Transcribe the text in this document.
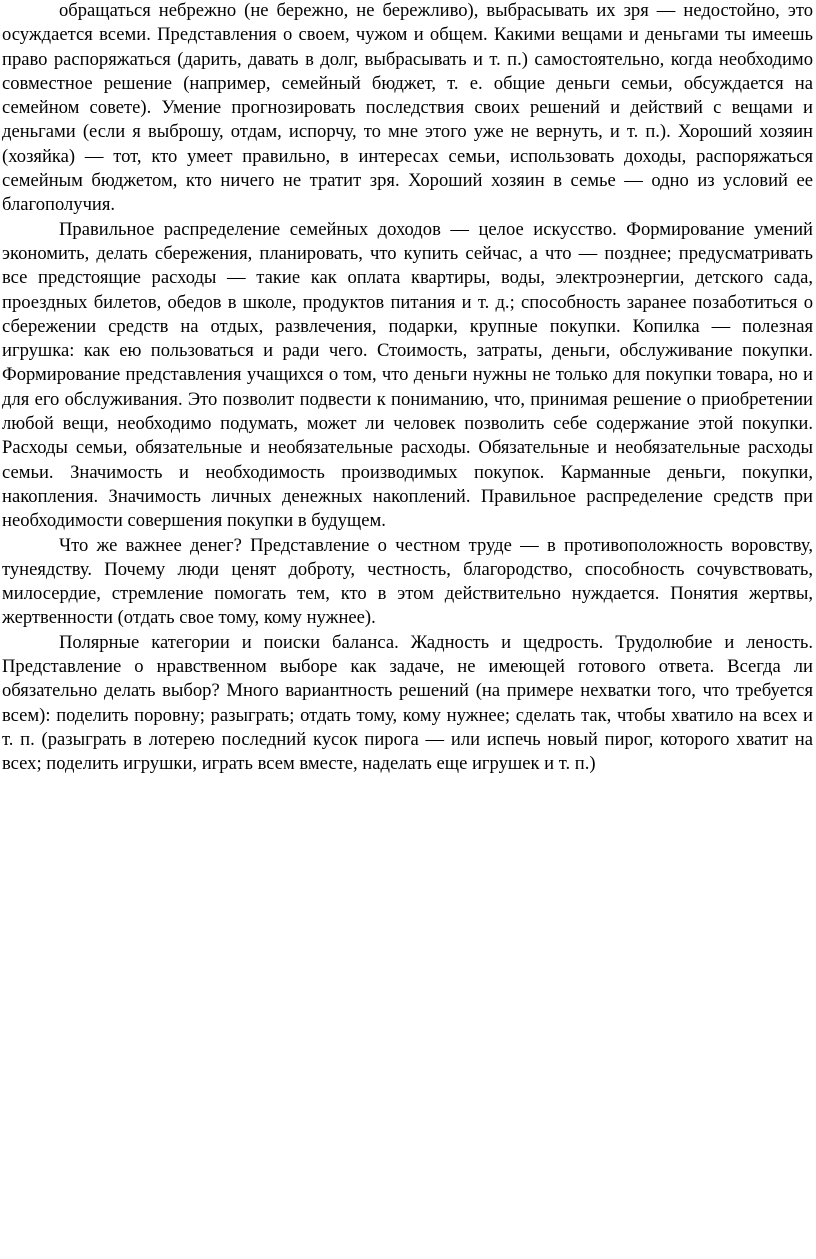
обращаться небрежно (не бережно, не бережливо), выбрасывать их зря — недостойно, это осуждается всеми. Представления о своем, чужом и общем. Какими вещами и деньгами ты имеешь право распоряжаться (дарить, давать в долг, выбрасывать и т. п.) самостоятельно, когда необходимо совместное решение (например, семейный бюджет, т. е. общие деньги семьи, обсуждается на семейном совете). Умение прогнозировать последствия своих решений и действий с вещами и деньгами (если я выброшу, отдам, испорчу, то мне этого уже не вернуть, и т. п.). Хороший хозяин (хозяйка) — тот, кто умеет правильно, в интересах семьи, использовать доходы, распоряжаться семейным бюджетом, кто ничего не тратит зря. Хороший хозяин в семье — одно из условий ее благополучия.

Правильное распределение семейных доходов — целое искусство. Формирование умений экономить, делать сбережения, планировать, что купить сейчас, а что — позднее; предусматривать все предстоящие расходы — такие как оплата квартиры, воды, электроэнергии, детского сада, проездных билетов, обедов в школе, продуктов питания и т. д.; способность заранее позаботиться о сбережении средств на отдых, развлечения, подарки, крупные покупки. Копилка — полезная игрушка: как ею пользоваться и ради чего. Стоимость, затраты, деньги, обслуживание покупки. Формирование представления учащихся о том, что деньги нужны не только для покупки товара, но и для его обслуживания. Это позволит подвести к пониманию, что, принимая решение о приобретении любой вещи, необходимо подумать, может ли человек позволить себе содержание этой покупки. Расходы семьи, обязательные и необязательные расходы. Обязательные и необязательные расходы семьи. Значимость и необходимость производимых покупок. Карманные деньги, покупки, накопления. Значимость личных денежных накоплений. Правильное распределение средств при необходимости совершения покупки в будущем.

Что же важнее денег? Представление о честном труде — в противоположность воровству, тунеядству. Почему люди ценят доброту, честность, благородство, способность сочувствовать, милосердие, стремление помогать тем, кто в этом действительно нуждается. Понятия жертвы, жертвенности (отдать свое тому, кому нужнее).

Полярные категории и поиски баланса. Жадность и щедрость. Трудолюбие и леность. Представление о нравственном выборе как задаче, не имеющей готового ответа. Всегда ли обязательно делать выбор? Много вариантность решений (на примере нехватки того, что требуется всем): поделить поровну; разыграть; отдать тому, кому нужнее; сделать так, чтобы хватило на всех и т. п. (разыграть в лотерею последний кусок пирога — или испечь новый пирог, которого хватит на всех; поделить игрушки, играть всем вместе, наделать еще игрушек и т. п.)
